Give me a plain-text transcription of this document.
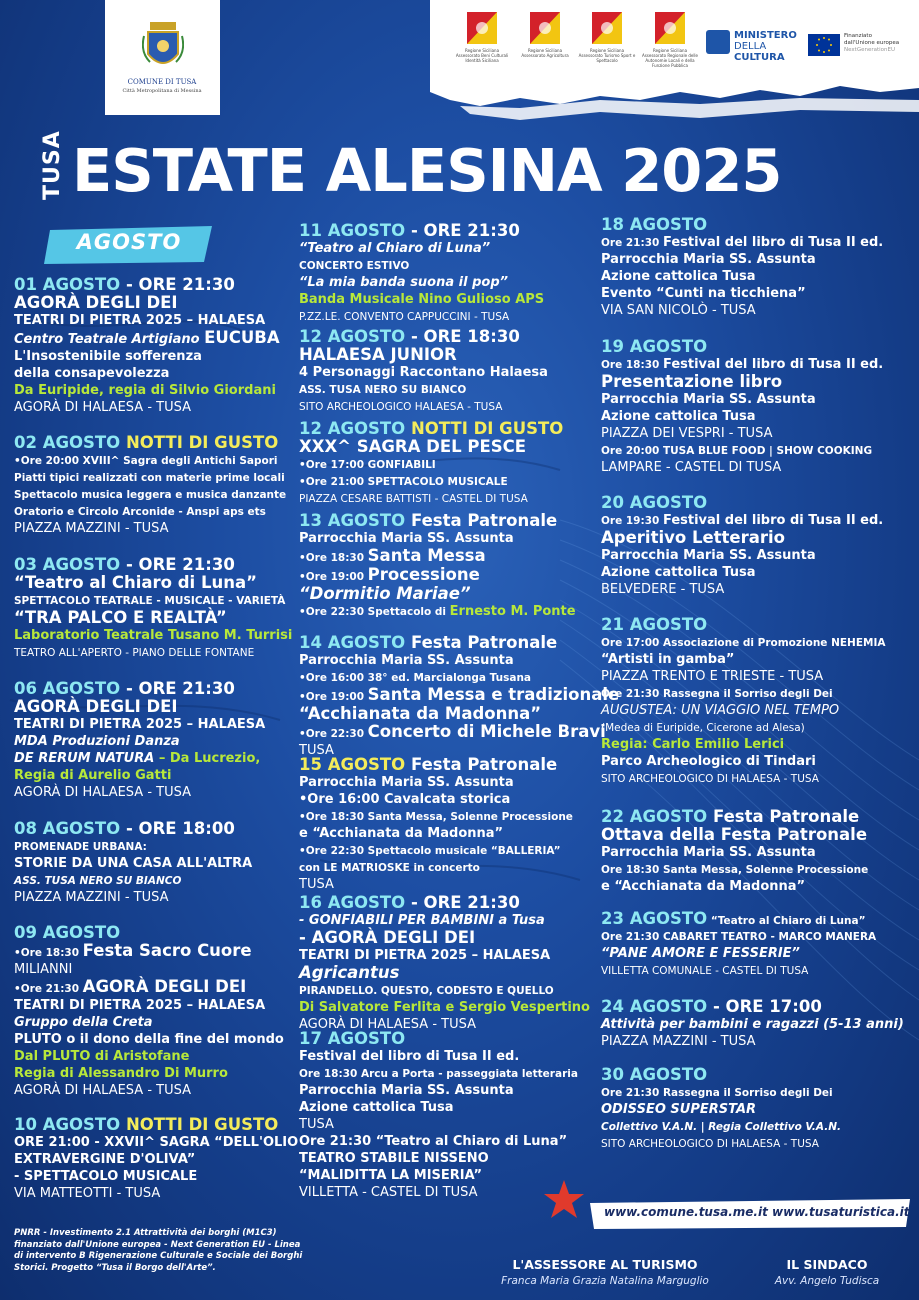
COMUNE DI TUSA
Città Metropolitana di Messina
Regione Siciliana Assessorato Beni Culturali Identità Siciliana
Regione Siciliana Assessorato Agricoltura
Regione Siciliana Assessorato Turismo Sport e Spettacolo
Regione Siciliana Assessorato Regionale delle Autonomie Locali e della Funzione Pubblica
MINISTERO
DELLA
CULTURA
Finanziato
dall'Unione europea
NextGenerationEU
TUSA ESTATE ALESINA 2025
AGOSTO
01 AGOSTO - ORE 21:30
AGORÀ DEGLI DEI
TEATRI DI PIETRA 2025 – HALAESA
Centro Teatrale Artigiano EUCUBA
L'Insostenibile sofferenza
della consapevolezza
Da Euripide, regia di Silvio Giordani
AGORÀ DI HALAESA - TUSA
02 AGOSTO NOTTI DI GUSTO
•Ore 20:00 XVIII^ Sagra degli Antichi Sapori
Piatti tipici realizzati con materie prime locali
Spettacolo musica leggera e musica danzante
Oratorio e Circolo Arconide - Anspi aps ets
PIAZZA MAZZINI - TUSA
03 AGOSTO - ORE 21:30
“Teatro al Chiaro di Luna”
SPETTACOLO TEATRALE - MUSICALE - VARIETÀ
“TRA PALCO E REALTÀ”
Laboratorio Teatrale Tusano M. Turrisi
TEATRO ALL'APERTO - PIANO DELLE FONTANE
06 AGOSTO - ORE 21:30
AGORÀ DEGLI DEI
TEATRI DI PIETRA 2025 – HALAESA
MDA Produzioni Danza
DE RERUM NATURA – Da Lucrezio,
Regia di Aurelio Gatti
AGORÀ DI HALAESA - TUSA
08 AGOSTO - ORE 18:00
PROMENADE URBANA:
STORIE DA UNA CASA ALL'ALTRA
ASS. TUSA NERO SU BIANCO
PIAZZA MAZZINI - TUSA
09 AGOSTO
•Ore 18:30 Festa Sacro Cuore
MILIANNI
•Ore 21:30 AGORÀ DEGLI DEI
TEATRI DI PIETRA 2025 – HALAESA
Gruppo della Creta
PLUTO o il dono della fine del mondo
Dal PLUTO di Aristofane
Regia di Alessandro Di Murro
AGORÀ DI HALAESA - TUSA
10 AGOSTO NOTTI DI GUSTO
ORE 21:00 - XXVII^ SAGRA “DELL'OLIO
EXTRAVERGINE D'OLIVA”
- SPETTACOLO MUSICALE
VIA MATTEOTTI - TUSA
11 AGOSTO - ORE 21:30
“Teatro al Chiaro di Luna”
CONCERTO ESTIVO
“La mia banda suona il pop”
Banda Musicale Nino Gulioso APS
P.ZZ.LE. CONVENTO CAPPUCCINI - TUSA
12 AGOSTO - ORE 18:30
HALAESA JUNIOR
4 Personaggi Raccontano Halaesa
ASS. TUSA NERO SU BIANCO
SITO ARCHEOLOGICO HALAESA - TUSA
12 AGOSTO NOTTI DI GUSTO
XXX^ SAGRA DEL PESCE
•Ore 17:00 GONFIABILI
•Ore 21:00 SPETTACOLO MUSICALE
PIAZZA CESARE BATTISTI - CASTEL DI TUSA
13 AGOSTO Festa Patronale
Parrocchia Maria SS. Assunta
•Ore 18:30 Santa Messa
•Ore 19:00 Processione
“Dormitio Mariae”
•Ore 22:30 Spettacolo di Ernesto M. Ponte
14 AGOSTO Festa Patronale
Parrocchia Maria SS. Assunta
•Ore 16:00 38° ed. Marcialonga Tusana
•Ore 19:00 Santa Messa e tradizionale
“Acchianata da Madonna”
•Ore 22:30 Concerto di Michele Bravi
TUSA
15 AGOSTO Festa Patronale
Parrocchia Maria SS. Assunta
•Ore 16:00 Cavalcata storica
•Ore 18:30 Santa Messa, Solenne Processione
e “Acchianata da Madonna”
•Ore 22:30 Spettacolo musicale “BALLERIA”
con LE MATRIOSKE in concerto
TUSA
16 AGOSTO - ORE 21:30
- GONFIABILI PER BAMBINI a Tusa
- AGORÀ DEGLI DEI
TEATRI DI PIETRA 2025 – HALAESA
Agricantus
PIRANDELLO. QUESTO, CODESTO E QUELLO
Di Salvatore Ferlita e Sergio Vespertino
AGORÀ DI HALAESA - TUSA
17 AGOSTO
Festival del libro di Tusa II ed.
Ore 18:30 Arcu a Porta - passeggiata letteraria
Parrocchia Maria SS. Assunta
Azione cattolica Tusa
TUSA
Ore 21:30 “Teatro al Chiaro di Luna”
TEATRO STABILE NISSENO
“MALIDITTA LA MISERIA”
VILLETTA - CASTEL DI TUSA
18 AGOSTO
Ore 21:30 Festival del libro di Tusa II ed.
Parrocchia Maria SS. Assunta
Azione cattolica Tusa
Evento “Cunti na ticchiena”
VIA SAN NICOLÒ - TUSA
19 AGOSTO
Ore 18:30 Festival del libro di Tusa II ed.
Presentazione libro
Parrocchia Maria SS. Assunta
Azione cattolica Tusa
PIAZZA DEI VESPRI - TUSA
Ore 20:00 TUSA BLUE FOOD | SHOW COOKING
LAMPARE - CASTEL DI TUSA
20 AGOSTO
Ore 19:30 Festival del libro di Tusa II ed.
Aperitivo Letterario
Parrocchia Maria SS. Assunta
Azione cattolica Tusa
BELVEDERE - TUSA
21 AGOSTO
Ore 17:00 Associazione di Promozione NEHEMIA
“Artisti in gamba”
PIAZZA TRENTO E TRIESTE - TUSA
Ore 21:30 Rassegna il Sorriso degli Dei
AUGUSTEA: UN VIAGGIO NEL TEMPO
(Medea di Euripide, Cicerone ad Alesa)
Regia: Carlo Emilio Lerici
Parco Archeologico di Tindari
SITO ARCHEOLOGICO DI HALAESA - TUSA
22 AGOSTO Festa Patronale
Ottava della Festa Patronale
Parrocchia Maria SS. Assunta
Ore 18:30 Santa Messa, Solenne Processione
e “Acchianata da Madonna”
23 AGOSTO “Teatro al Chiaro di Luna”
Ore 21:30 CABARET TEATRO - MARCO MANERA
“PANE AMORE E FESSERIE”
VILLETTA COMUNALE - CASTEL DI TUSA
24 AGOSTO - ORE 17:00
Attività per bambini e ragazzi (5-13 anni)
PIAZZA MAZZINI - TUSA
30 AGOSTO
Ore 21:30 Rassegna il Sorriso degli Dei
ODISSEO SUPERSTAR
Collettivo V.A.N. | Regia Collettivo V.A.N.
SITO ARCHEOLOGICO DI HALAESA - TUSA
PNRR - Investimento 2.1 Attrattività dei borghi (M1C3) finanziato dall'Unione europea - Next Generation EU - Linea di intervento B Rigenerazione Culturale e Sociale dei Borghi Storici. Progetto “Tusa il Borgo dell'Arte”.
www.comune.tusa.me.it www.tusaturistica.it
L'ASSESSORE AL TURISMO
Franca Maria Grazia Natalina Marguglio
IL SINDACO
Avv. Angelo Tudisca
